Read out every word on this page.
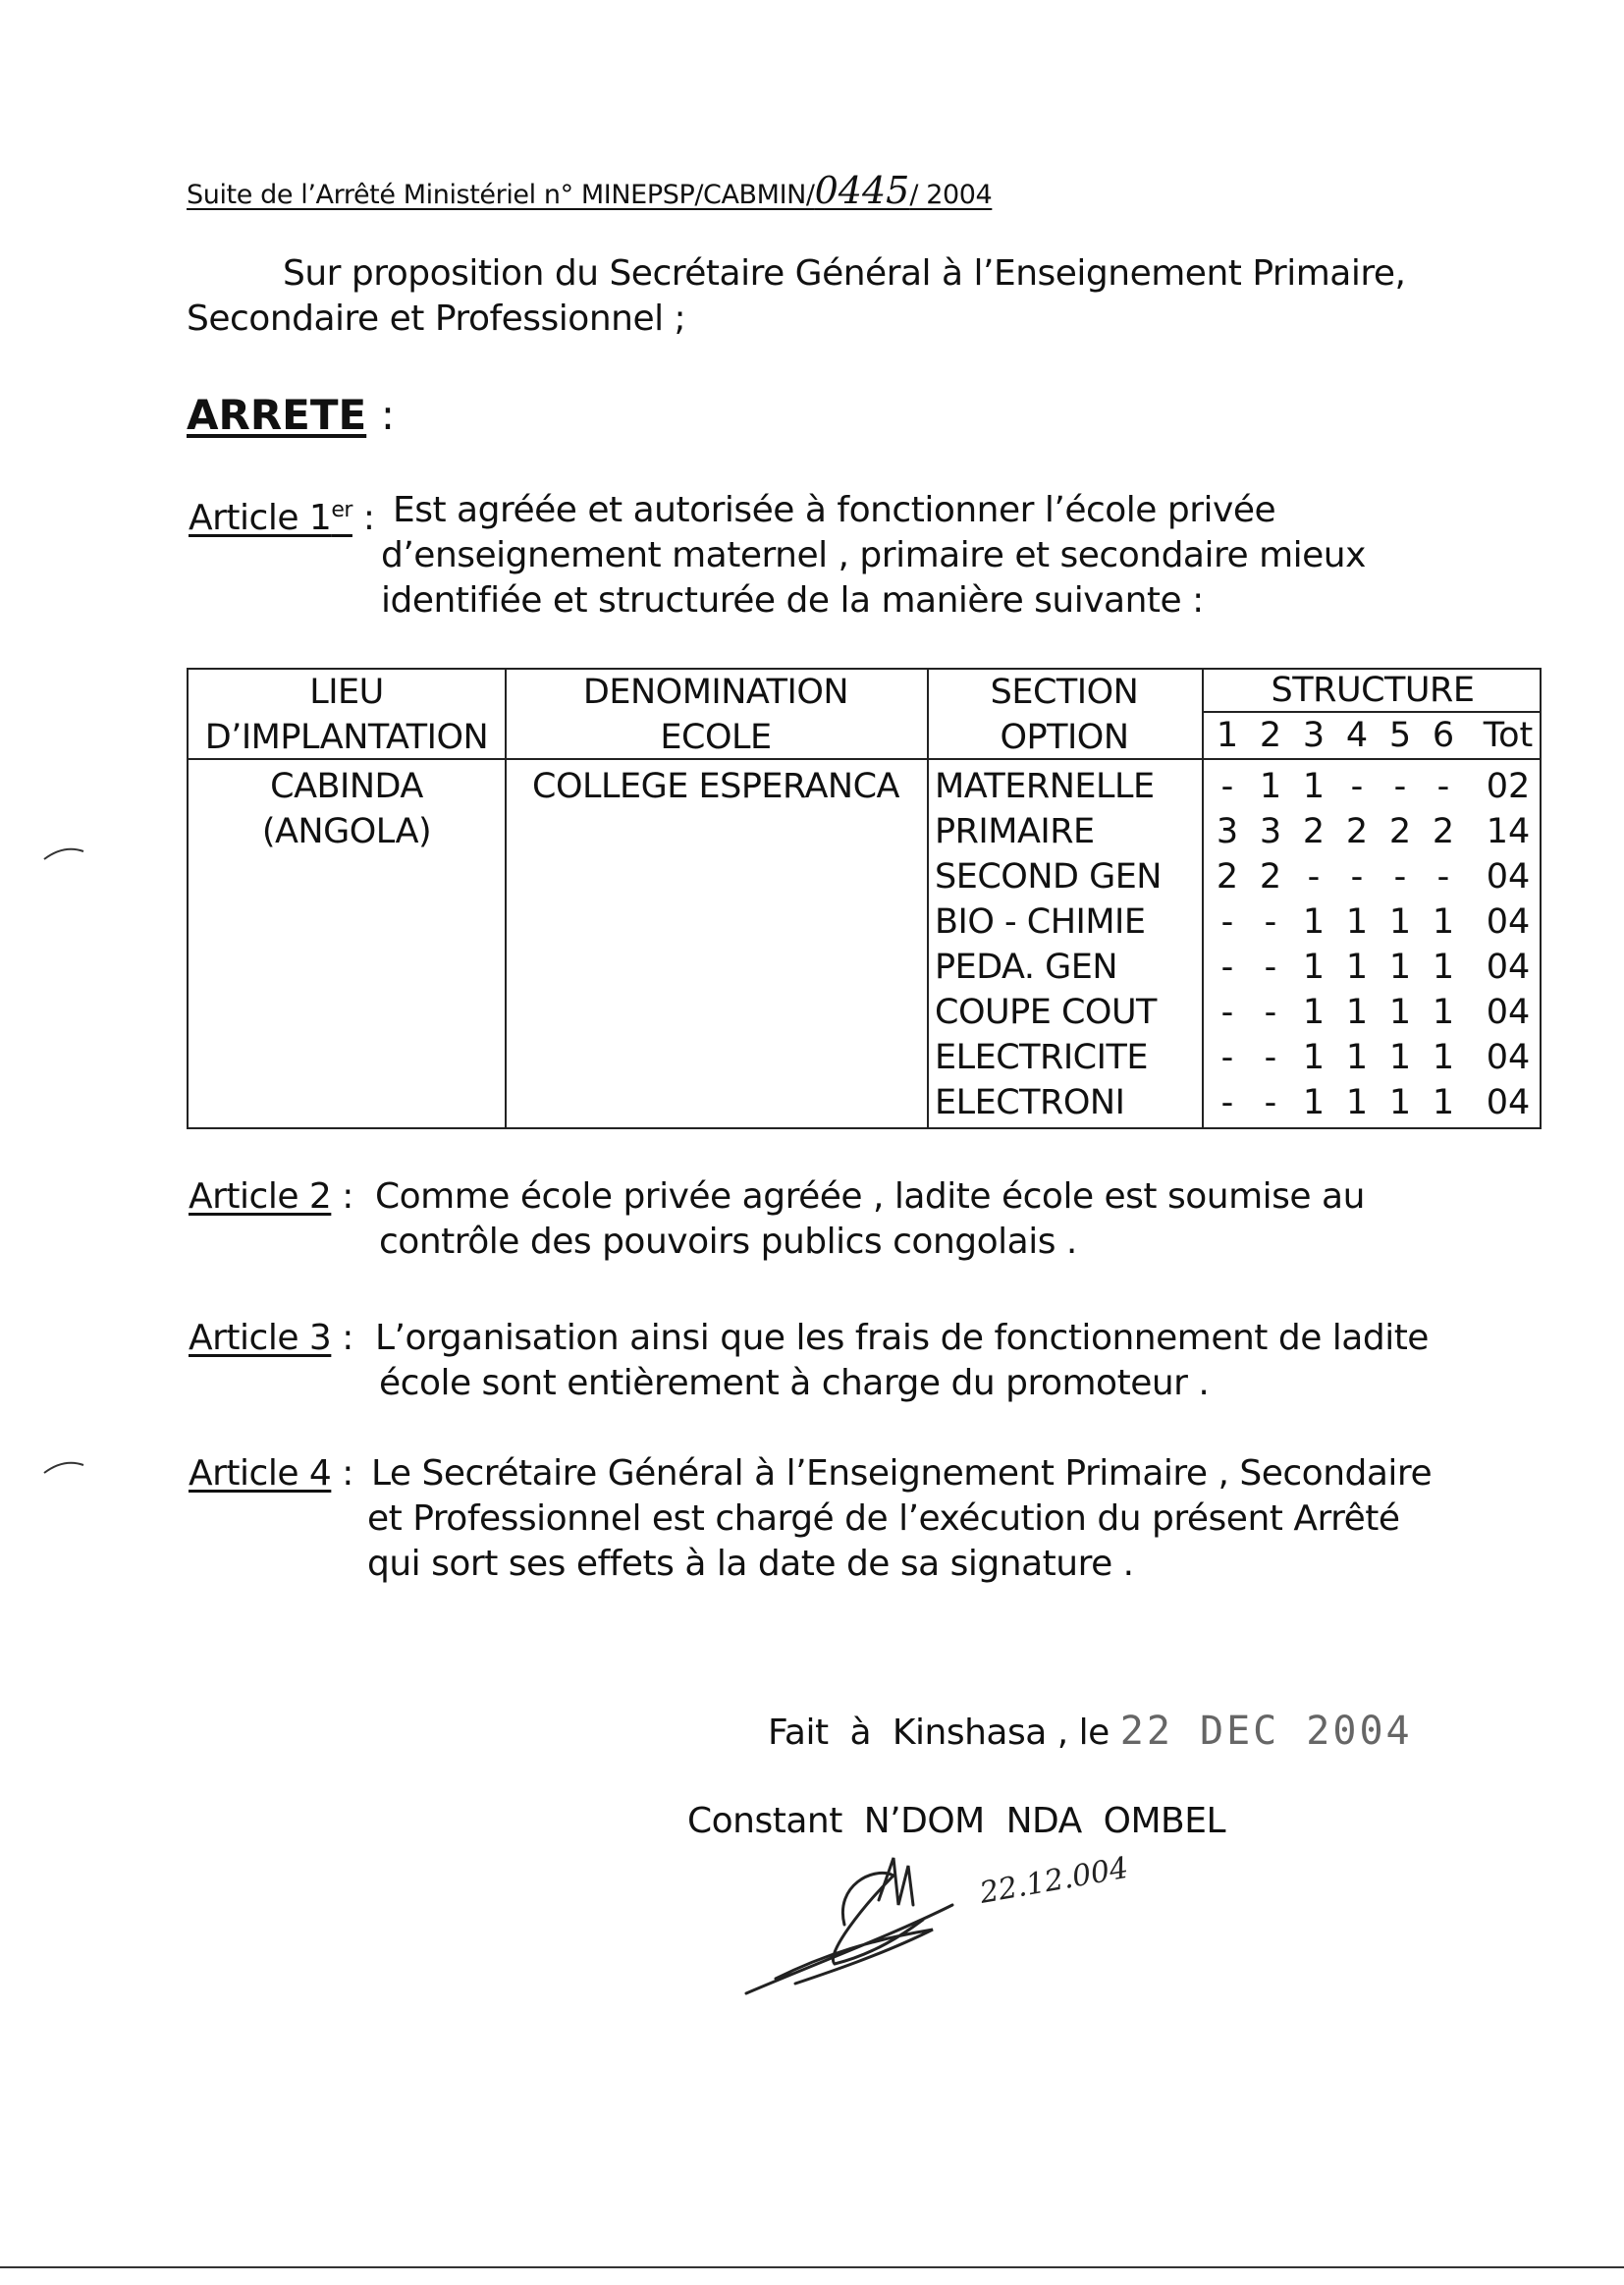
Suite de l’Arrêté Ministériel n° MINEPSP/CABMIN/0445/ 2004
Sur proposition du Secrétaire Général à l’Enseignement Primaire,
Secondaire et Professionnel ;
ARRETE :
Article 1er : Est agréée et autorisée à fonctionner l’école privée
d’enseignement maternel , primaire et secondaire mieux
identifiée et structurée de la manière suivante :
LIEU
D’IMPLANTATION
DENOMINATION
ECOLE
SECTION
OPTION
STRUCTURE
1 2 3 4 5 6 Tot
CABINDA
(ANGOLA)
COLLEGE ESPERANCA	MATERNELLE	- 1 1 - - -	02
PRIMAIRE	3 3 2 2 2 2 14
SECOND GEN	2 2 - - - -	04
BIO - CHIMIE	- - 1 1 1 1 04
PEDA. GEN	- - 1 1 1 1 04
COUPE COUT	- - 1 1 1 1 04
ELECTRICITE	- - 1 1 1 1 04
ELECTRONI	- - 1 1 1 1 04
Article 2 : Comme école privée agréée , ladite école est soumise au
contrôle des pouvoirs publics congolais .
Article 3 : L’organisation ainsi que les frais de fonctionnement de ladite
école sont entièrement à charge du promoteur .
Article 4 : Le Secrétaire Général à l’Enseignement Primaire , Secondaire
et Professionnel est chargé de l’exécution du présent Arrêté
qui sort ses effets à la date de sa signature .
Fait  à  Kinshasa , le 22 DEC 2004
Constant  N’DOM  NDA  OMBEL
22.12.004
